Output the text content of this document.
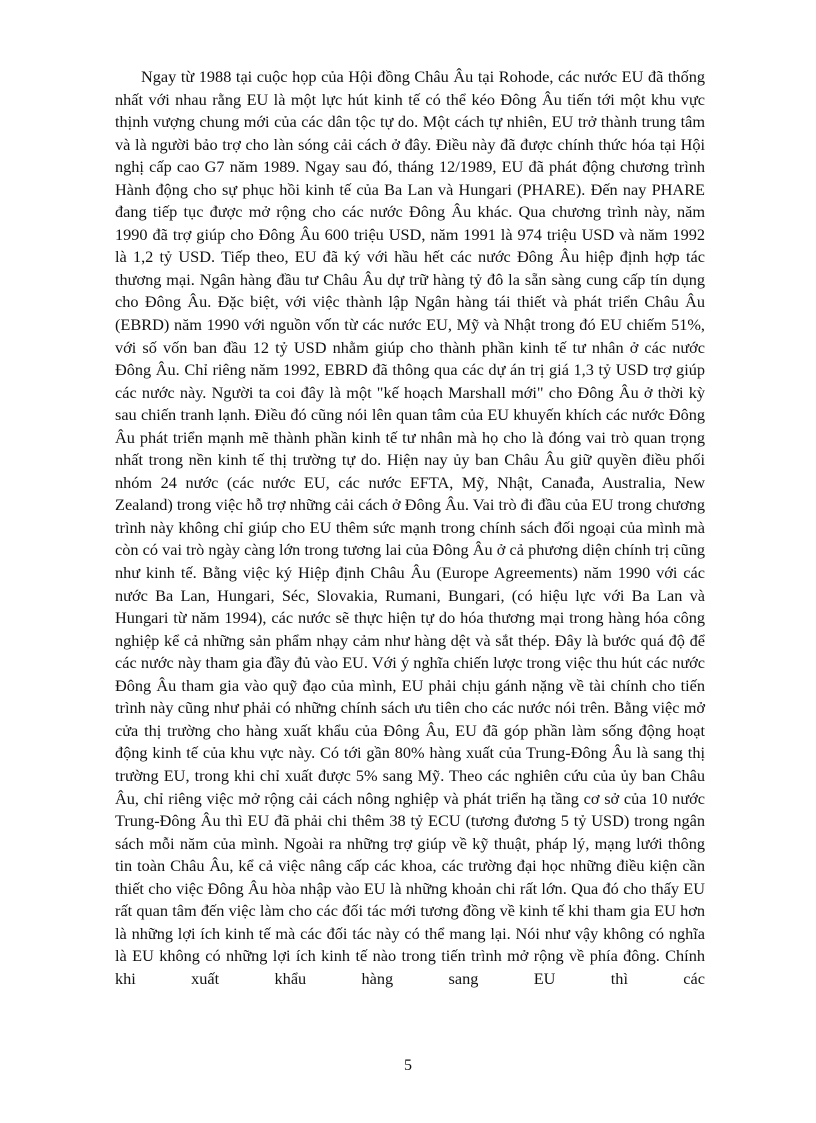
Ngay từ 1988 tại cuộc họp của Hội đồng Châu Âu tại Rohode, các nước EU đã thống nhất với nhau rằng EU là một lực hút kinh tế có thể kéo Đông Âu tiến tới một khu vực thịnh vượng chung mới của các dân tộc tự do. Một cách tự nhiên, EU trở thành trung tâm và là người bảo trợ cho làn sóng cải cách ở đây. Điều này đã được chính thức hóa tại Hội nghị cấp cao G7 năm 1989. Ngay sau đó, tháng 12/1989, EU đã phát động chương trình Hành động cho sự phục hồi kinh tế của Ba Lan và Hungari (PHARE). Đến nay PHARE đang tiếp tục được mở rộng cho các nước Đông Âu khác. Qua chương trình này, năm 1990 đã trợ giúp cho Đông Âu 600 triệu USD, năm 1991 là 974 triệu USD và năm 1992 là 1,2 tỷ USD. Tiếp theo, EU đã ký với hầu hết các nước Đông Âu hiệp định hợp tác thương mại. Ngân hàng đầu tư Châu Âu dự trữ hàng tỷ đô la sẵn sàng cung cấp tín dụng cho Đông Âu. Đặc biệt, với việc thành lập Ngân hàng tái thiết và phát triển Châu Âu (EBRD) năm 1990 với nguồn vốn từ các nước EU, Mỹ và Nhật trong đó EU chiếm 51%, với số vốn ban đầu 12 tỷ USD nhằm giúp cho thành phần kinh tế tư nhân ở các nước Đông Âu. Chỉ riêng năm 1992, EBRD đã thông qua các dự án trị giá 1,3 tỷ USD trợ giúp các nước này. Người ta coi đây là một "kế hoạch Marshall mới" cho Đông Âu ở thời kỳ sau chiến tranh lạnh. Điều đó cũng nói lên quan tâm của EU khuyến khích các nước Đông Âu phát triển mạnh mẽ thành phần kinh tế tư nhân mà họ cho là đóng vai trò quan trọng nhất trong nền kinh tế thị trường tự do. Hiện nay ủy ban Châu Âu giữ quyền điều phối nhóm 24 nước (các nước EU, các nước EFTA, Mỹ, Nhật, Canađa, Australia, New Zealand) trong việc hỗ trợ những cải cách ở Đông Âu. Vai trò đi đầu của EU trong chương trình này không chỉ giúp cho EU thêm sức mạnh trong chính sách đối ngoại của mình mà còn có vai trò ngày càng lớn trong tương lai của Đông Âu ở cả phương diện chính trị cũng như kinh tế. Bằng việc ký Hiệp định Châu Âu (Europe Agreements) năm 1990 với các nước Ba Lan, Hungari, Séc, Slovakia, Rumani, Bungari, (có hiệu lực với Ba Lan và Hungari từ năm 1994), các nước sẽ thực hiện tự do hóa thương mại trong hàng hóa công nghiệp kể cả những sản phẩm nhạy cảm như hàng dệt và sắt thép. Đây là bước quá độ để các nước này tham gia đầy đủ vào EU. Với ý nghĩa chiến lược trong việc thu hút các nước Đông Âu tham gia vào quỹ đạo của mình, EU phải chịu gánh nặng về tài chính cho tiến trình này cũng như phải có những chính sách ưu tiên cho các nước nói trên. Bằng việc mở cửa thị trường cho hàng xuất khẩu của Đông Âu, EU đã góp phần làm sống động hoạt động kinh tế của khu vực này. Có tới gần 80% hàng xuất của Trung-Đông Âu là sang thị trường EU, trong khi chỉ xuất được 5% sang Mỹ. Theo các nghiên cứu của ủy ban Châu Âu, chỉ riêng việc mở rộng cải cách nông nghiệp và phát triển hạ tầng cơ sở của 10 nước Trung-Đông Âu thì EU đã phải chi thêm 38 tỷ ECU (tương đương 5 tỷ USD) trong ngân sách mỗi năm của mình. Ngoài ra những trợ giúp về kỹ thuật, pháp lý, mạng lưới thông tin toàn Châu Âu, kể cả việc nâng cấp các khoa, các trường đại học những điều kiện cần thiết cho việc Đông Âu hòa nhập vào EU là những khoản chi rất lớn. Qua đó cho thấy EU rất quan tâm đến việc làm cho các đối tác mới tương đồng về kinh tế khi tham gia EU hơn là những lợi ích kinh tế mà các đối tác này có thể mang lại. Nói như vậy không có nghĩa là EU không có những lợi ích kinh tế nào trong tiến trình mở rộng về phía đông. Chính khi xuất khẩu hàng sang EU thì các

5
